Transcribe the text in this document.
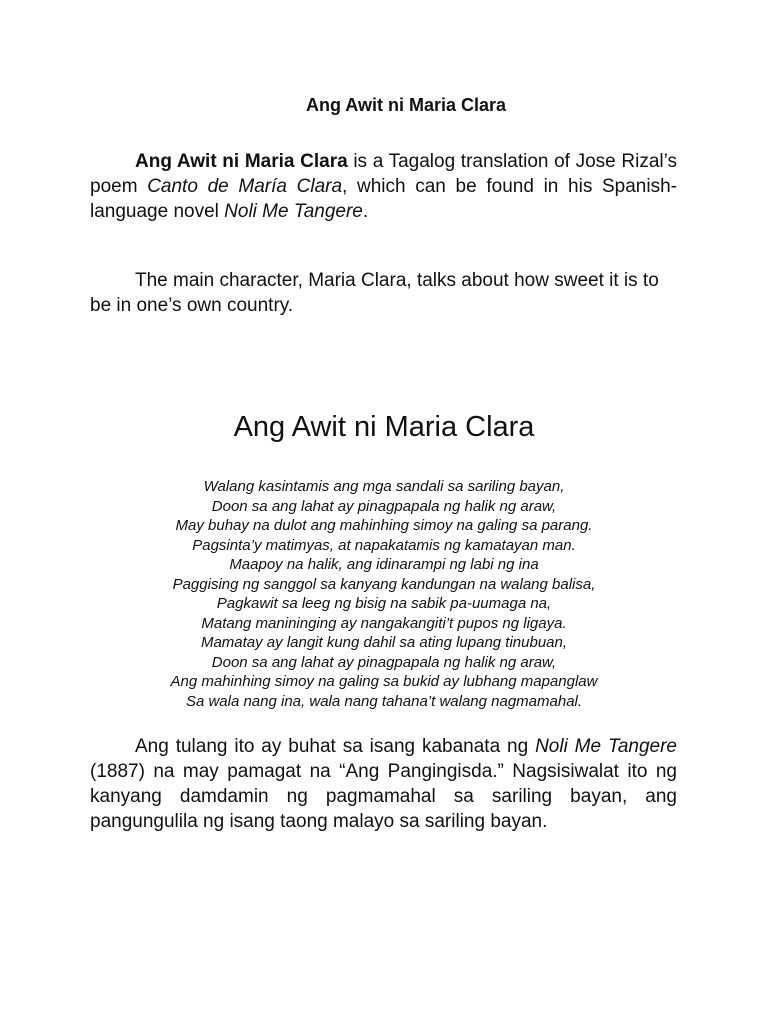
Ang Awit ni Maria Clara

Ang Awit ni Maria Clara is a Tagalog translation of Jose Rizal’s poem Canto de María Clara, which can be found in his Spanish-language novel Noli Me Tangere.

The main character, Maria Clara, talks about how sweet it is to be in one’s own country.

Ang Awit ni Maria Clara
Walang kasintamis ang mga sandali sa sariling bayan,
Doon sa ang lahat ay pinagpapala ng halik ng araw,
May buhay na dulot ang mahinhing simoy na galing sa parang.
Pagsinta’y matimyas, at napakatamis ng kamatayan man.
Maapoy na halik, ang idinarampi ng labi ng ina
Paggising ng sanggol sa kanyang kandungan na walang balisa,
Pagkawit sa leeg ng bisig na sabik pa-uumaga na,
Matang manininging ay nangakangiti’t pupos ng ligaya.
Mamatay ay langit kung dahil sa ating lupang tinubuan,
Doon sa ang lahat ay pinagpapala ng halik ng araw,
Ang mahinhing simoy na galing sa bukid ay lubhang mapanglaw
Sa wala nang ina, wala nang tahana’t walang nagmamahal.

Ang tulang ito ay buhat sa isang kabanata ng Noli Me Tangere (1887) na may pamagat na “Ang Pangingisda.” Nagsisiwalat ito ng kanyang damdamin ng pagmamahal sa sariling bayan, ang pangungulila ng isang taong malayo sa sariling bayan.
